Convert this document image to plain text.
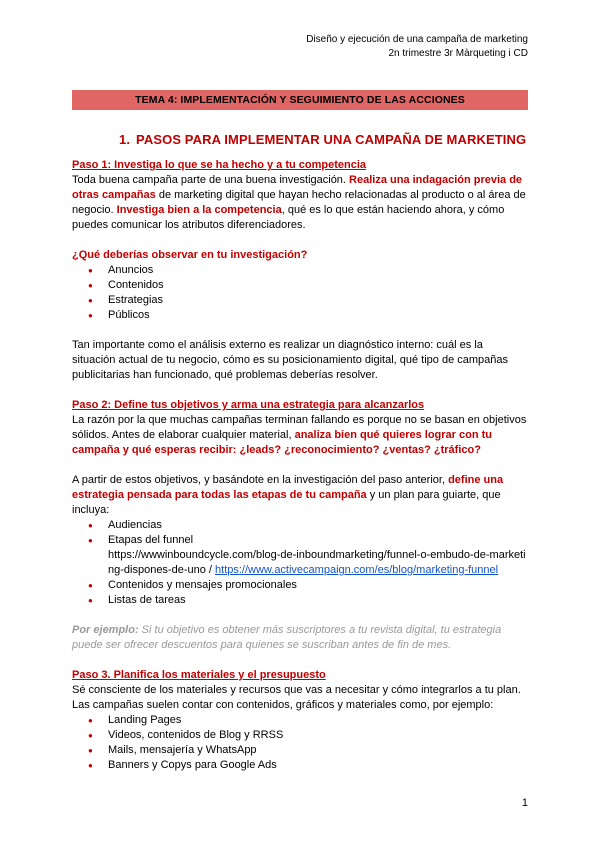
Diseño y ejecución de una campaña de marketing
2n trimestre 3r Màrqueting i CD
TEMA 4: IMPLEMENTACIÓN Y SEGUIMIENTO DE LAS ACCIONES
1. PASOS PARA IMPLEMENTAR UNA CAMPAÑA DE MARKETING

Paso 1: Investiga lo que se ha hecho y a tu competencia

Toda buena campaña parte de una buena investigación. Realiza una indagación previa de otras campañas de marketing digital que hayan hecho relacionadas al producto o al área de negocio. Investiga bien a la competencia, qué es lo que están haciendo ahora, y cómo puedes comunicar los atributos diferenciadores.

¿Qué deberías observar en tu investigación?

● Anuncios
● Contenidos
● Estrategias
● Públicos

Tan importante como el análisis externo es realizar un diagnóstico interno: cuál es la situación actual de tu negocio, cómo es su posicionamiento digital, qué tipo de campañas publicitarias han funcionado, qué problemas deberías resolver.

Paso 2: Define tus objetivos y arma una estrategia para alcanzarlos

La razón por la que muchas campañas terminan fallando es porque no se basan en objetivos sólidos. Antes de elaborar cualquier material, analiza bien qué quieres lograr con tu campaña y qué esperas recibir: ¿leads? ¿reconocimiento? ¿ventas? ¿tráfico?

A partir de estos objetivos, y basándote en la investigación del paso anterior, define una estrategia pensada para todas las etapas de tu campaña y un plan para guiarte, que incluya:

● Audiencias
● Etapas del funnel
https://wwwinboundcycle.com/blog-de-inboundmarketing/funnel-o-embudo-de-marketing-dispones-de-uno / https://www.activecampaign.com/es/blog/marketing-funnel
● Contenidos y mensajes promocionales
● Listas de tareas

Por ejemplo: Si tu objetivo es obtener más suscriptores a tu revista digital, tu estrategia puede ser ofrecer descuentos para quienes se suscriban antes de fin de mes.

Paso 3. Planifica los materiales y el presupuesto

Sé consciente de los materiales y recursos que vas a necesitar y cómo integrarlos a tu plan. Las campañas suelen contar con contenidos, gráficos y materiales como, por ejemplo:

● Landing Pages
● Videos, contenidos de Blog y RRSS
● Mails, mensajería y WhatsApp
● Banners y Copys para Google Ads
1
